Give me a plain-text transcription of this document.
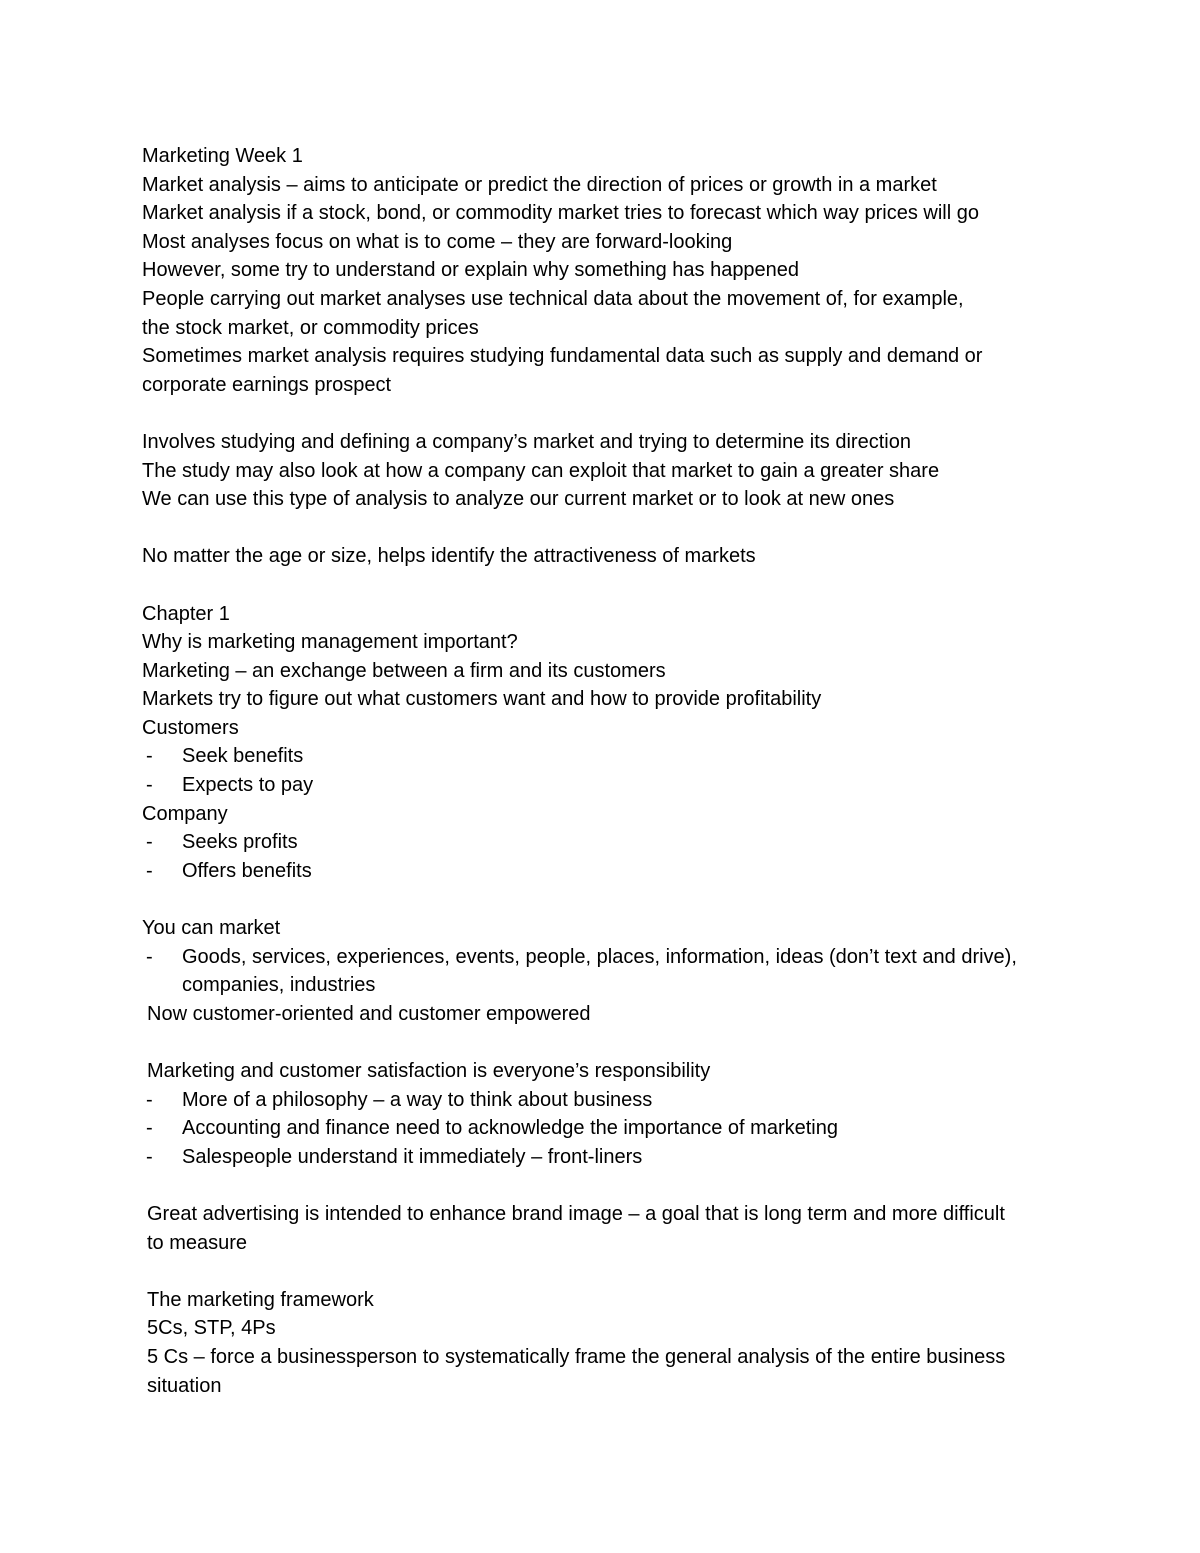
Marketing Week 1
Market analysis – aims to anticipate or predict the direction of prices or growth in a market
Market analysis if a stock, bond, or commodity market tries to forecast which way prices will go
Most analyses focus on what is to come – they are forward-looking
However, some try to understand or explain why something has happened
People carrying out market analyses use technical data about the movement of, for example,
the stock market, or commodity prices
Sometimes market analysis requires studying fundamental data such as supply and demand or
corporate earnings prospect
Involves studying and defining a company’s market and trying to determine its direction
The study may also look at how a company can exploit that market to gain a greater share
We can use this type of analysis to analyze our current market or to look at new ones
No matter the age or size, helps identify the attractiveness of markets
Chapter 1
Why is marketing management important?
Marketing – an exchange between a firm and its customers
Markets try to figure out what customers want and how to provide profitability
Customers
- Seek benefits
- Expects to pay
Company
- Seeks profits
- Offers benefits
You can market
- Goods, services, experiences, events, people, places, information, ideas (don’t text and drive), companies, industries
Now customer-oriented and customer empowered
Marketing and customer satisfaction is everyone’s responsibility
- More of a philosophy – a way to think about business
- Accounting and finance need to acknowledge the importance of marketing
- Salespeople understand it immediately – front-liners
Great advertising is intended to enhance brand image – a goal that is long term and more difficult to measure
The marketing framework
5Cs, STP, 4Ps
5 Cs – force a businessperson to systematically frame the general analysis of the entire business situation
